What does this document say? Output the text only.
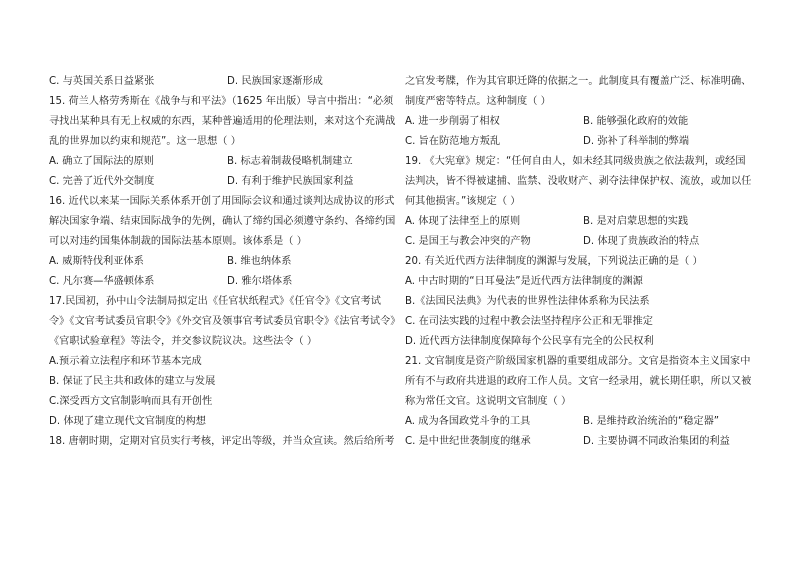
C. 与英国关系日益紧张	D. 民族国家逐渐形成
15. 荷兰人格劳秀斯在《战争与和平法》（1625 年出版）导言中指出：“必须
寻找出某种具有无上权威的东西，某种普遍适用的伦理法则，来对这个充满战
乱的世界加以约束和规范”。这一思想（ ）
A. 确立了国际法的原则	B. 标志着制裁侵略机制建立
C. 完善了近代外交制度	D. 有利于维护民族国家利益
16. 近代以来某一国际关系体系开创了用国际会议和通过谈判达成协议的形式
解决国家争端、结束国际战争的先例，确认了缔约国必须遵守条约、各缔约国
可以对违约国集体制裁的国际法基本原则。该体系是（ ）
A. 威斯特伐利亚体系	B. 维也纳体系
C. 凡尔赛—华盛顿体系	D. 雅尔塔体系
17.民国初，孙中山令法制局拟定出《任官状纸程式》《任官令》《文官考试
令》《文官考试委员官职令》《外交官及领事官考试委员官职令》《法官考试令》
《官职试验章程》等法令，并交参议院议决。这些法令（ ）
A.预示着立法程序和环节基本完成
B. 保证了民主共和政体的建立与发展
C.深受西方文官制影响而具有开创性
D. 体现了建立现代文官制度的构想
18. 唐朝时期，定期对官员实行考核，评定出等级，并当众宣读。然后给所考
之官发考牒，作为其官职迁降的依据之一。此制度具有覆盖广泛、标准明确、
制度严密等特点。这种制度（ ）
A. 进一步削弱了相权	B. 能够强化政府的效能
C. 旨在防范地方叛乱	D. 弥补了科举制的弊端
19. 《大宪章》规定：“任何自由人，如未经其同级贵族之依法裁判，或经国
法判决，皆不得被逮捕、监禁、没收财产、剥夺法律保护权、流放，或加以任
何其他损害。”该规定（ ）
A. 体现了法律至上的原则	B. 是对启蒙思想的实践
C. 是国王与教会冲突的产物	D. 体现了贵族政治的特点
20. 有关近代西方法律制度的渊源与发展，下列说法正确的是（ ）
A. 中古时期的“日耳曼法”是近代西方法律制度的渊源
B.《法国民法典》为代表的世界性法律体系称为民法系
C. 在司法实践的过程中教会法坚持程序公正和无罪推定
D. 近代西方法律制度保障每个公民享有完全的公民权利
21. 文官制度是资产阶级国家机器的重要组成部分。文官是指资本主义国家中
所有不与政府共进退的政府工作人员。文官一经录用，就长期任职，所以又被
称为常任文官。这说明文官制度（ ）
A. 成为各国政党斗争的工具	B. 是维持政治统治的“稳定器”
C. 是中世纪世袭制度的继承	D. 主要协调不同政治集团的利益
